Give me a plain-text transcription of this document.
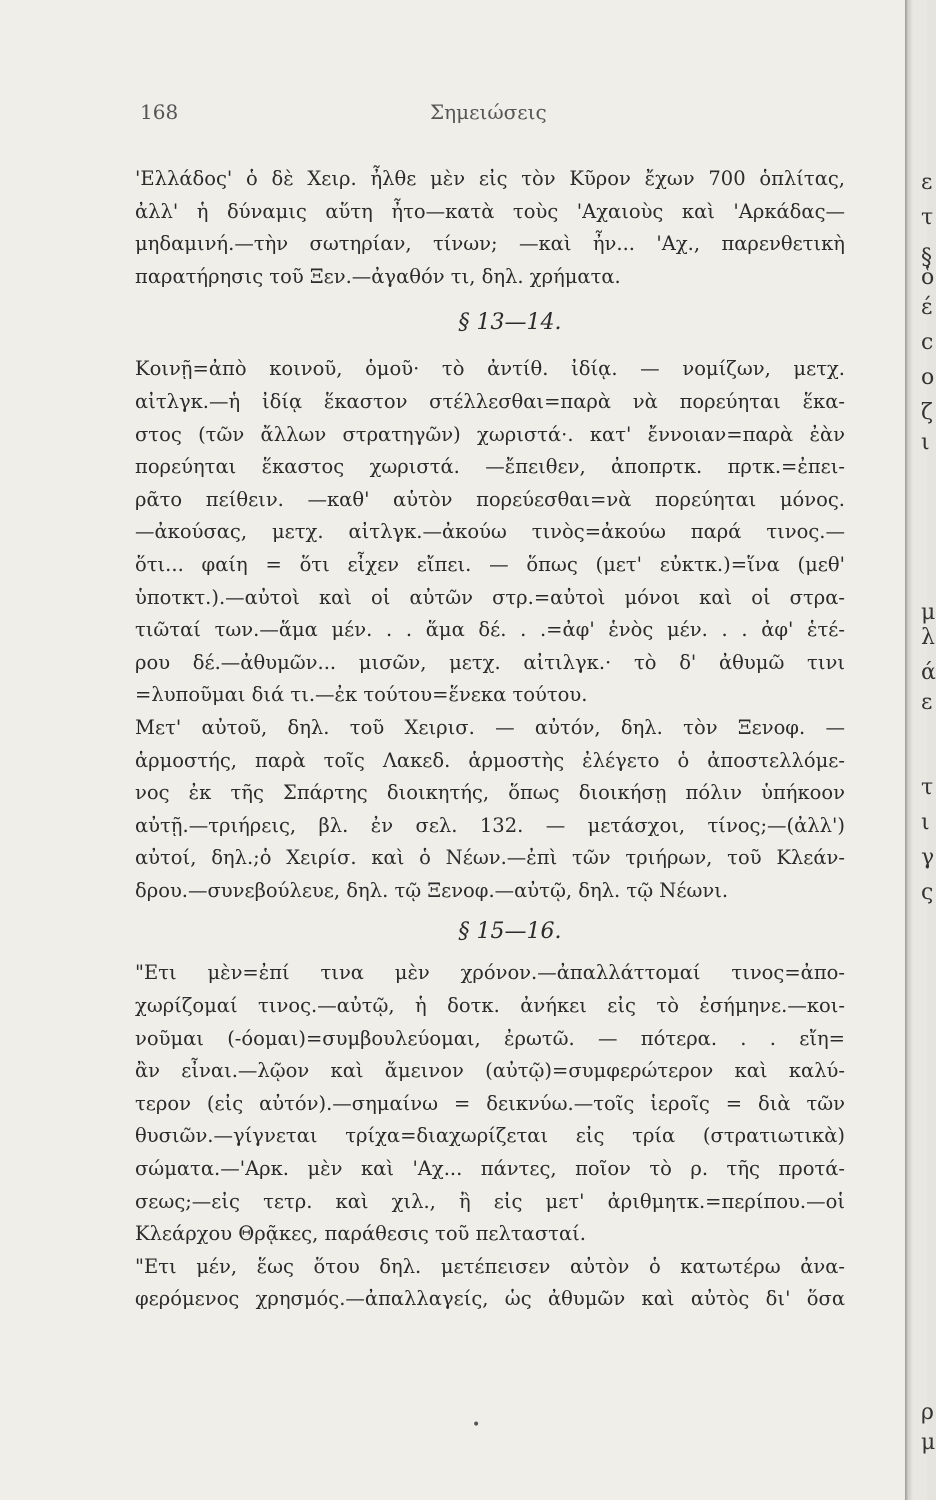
168	Σημειώσεις
'Ελλάδος' ὁ δὲ Χειρ. ἦλθε μὲν εἰς τὸν Κῦρον ἔχων 700 ὁπλίτας,
ἀλλ' ἡ δύναμις αὕτη ἦτο—κατὰ τοὺς 'Αχαιοὺς καὶ 'Αρκάδας—
μηδαμινή.—τὴν σωτηρίαν, τίνων; —καὶ ἦν... 'Αχ., παρενθετικὴ
παρατήρησις τοῦ Ξεν.—ἀγαθόν τι, δηλ. χρήματα.
§ 13—14.
Κοινῇ=ἀπὸ κοινοῦ, ὁμοῦ· τὸ ἀντίθ. ἰδίᾳ. — νομίζων, μετχ.
αἰτλγκ.—ἡ ἰδίᾳ ἕκαστον στέλλεσθαι=παρὰ νὰ πορεύηται ἕκα-
στος (τῶν ἄλλων στρατηγῶν) χωριστά·. κατ' ἔννοιαν=παρὰ ἐὰν
πορεύηται ἕκαστος χωριστά. —ἔπειθεν, ἀποπρτκ. πρτκ.=ἐπει-
ρᾶτο πείθειν. —καθ' αὑτὸν πορεύεσθαι=νὰ πορεύηται μόνος.
—ἀκούσας, μετχ. αἰτλγκ.—ἀκούω τινὸς=ἀκούω παρά τινος.—
ὅτι... φαίη = ὅτι εἶχεν εἴπει. — ὅπως (μετ' εὐκτκ.)=ἵνα (μεθ'
ὑποτκτ.).—αὐτοὶ καὶ οἱ αὐτῶν στρ.=αὐτοὶ μόνοι καὶ οἱ στρα-
τιῶταί των.—ἅμα μέν. . . ἅμα δέ. . .=ἀφ' ἑνὸς μέν. . . ἀφ' ἑτέ-
ρου δέ.—ἀθυμῶν... μισῶν, μετχ. αἰτιλγκ.· τὸ δ' ἀθυμῶ τινι
=λυποῦμαι διά τι.—ἐκ τούτου=ἕνεκα τούτου.
Μετ' αὐτοῦ, δηλ. τοῦ Χειρισ. — αὐτόν, δηλ. τὸν Ξενοφ. —
ἁρμοστής, παρὰ τοῖς Λακεδ. ἁρμοστὴς ἐλέγετο ὁ ἀποστελλόμε-
νος ἐκ τῆς Σπάρτης διοικητής, ὅπως διοικήσῃ πόλιν ὑπήκοον
αὐτῇ.—τριήρεις, βλ. ἐν σελ. 132. — μετάσχοι, τίνος;—(ἀλλ')
αὐτοί, δηλ.;ὁ Χειρίσ. καὶ ὁ Νέων.—ἐπὶ τῶν τριήρων, τοῦ Κλεάν-
δρου.—συνεβούλευε, δηλ. τῷ Ξενοφ.—αὐτῷ, δηλ. τῷ Νέωνι.
§ 15—16.
"Ετι μὲν=ἐπί τινα μὲν χρόνον.—ἀπαλλάττομαί τινος=ἀπο-
χωρίζομαί τινος.—αὐτῷ, ἡ δοτκ. ἀνήκει εἰς τὸ ἐσήμηνε.—κοι-
νοῦμαι (-όομαι)=συμβουλεύομαι, ἐρωτῶ. — πότερα. . . εἴη=
ἂν εἶναι.—λῷον καὶ ἄμεινον (αὐτῷ)=συμφερώτερον καὶ καλύ-
τερον (εἰς αὐτόν).—σημαίνω = δεικνύω.—τοῖς ἱεροῖς = διὰ τῶν
θυσιῶν.—γίγνεται τρίχα=διαχωρίζεται εἰς τρία (στρατιωτικὰ)
σώματα.—'Αρκ. μὲν καὶ 'Αχ... πάντες, ποῖον τὸ ρ. τῆς προτά-
σεως;—εἰς τετρ. καὶ χιλ., ἢ εἰς μετ' ἀριθμητκ.=περίπου.—οἱ
Κλεάρχου Θρᾷκες, παράθεσις τοῦ πελτασταί.
"Ετι μέν, ἕως ὅτου δηλ. μετέπεισεν αὐτὸν ὁ κατωτέρω ἀνα-
φερόμενος χρησμός.—ἀπαλλαγείς, ὡς ἀθυμῶν καὶ αὐτὸς δι' ὅσα
•
ε
τ
§
ὁ
έ
c
o
ζ
ι
μ
λ
ά
ε
τ
ι
γ
ς
ρ
μ
